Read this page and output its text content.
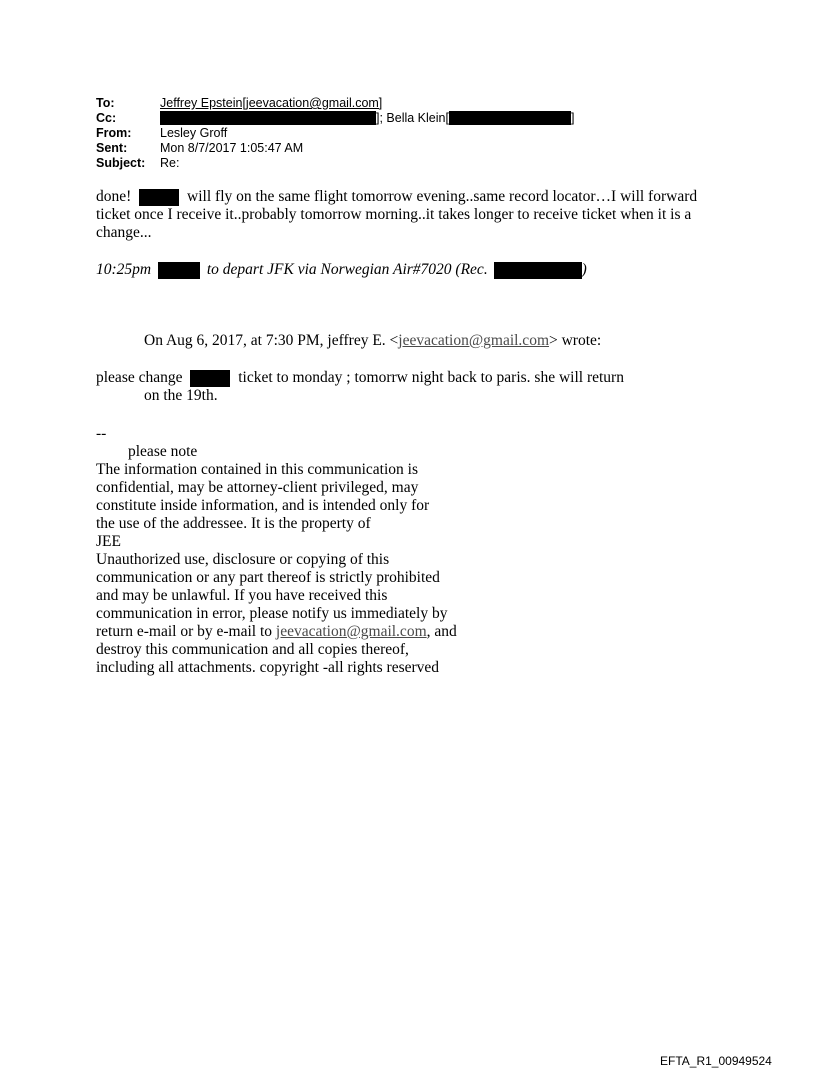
To:	Jeffrey Epstein[jeevacation@gmail.com]
Cc:	]; Bella Klein[	]
From:	Lesley Groff
Sent:	Mon 8/7/2017 1:05:47 AM
Subject:	Re:
done!	will fly on the same flight tomorrow evening..same record locator…I will forward ticket once I receive it..probably tomorrow morning..it takes longer to receive ticket when it is a change...
10:25pm	to depart JFK via Norwegian Air#7020 (Rec.	)
On Aug 6, 2017, at 7:30 PM, jeffrey E. <jeevacation@gmail.com> wrote:
please change	ticket to monday ; tomorrw night back to paris. she will return
on the 19th.
--
please note
The information contained in this communication is
confidential, may be attorney-client privileged, may
constitute inside information, and is intended only for
the use of the addressee. It is the property of
JEE
Unauthorized use, disclosure or copying of this
communication or any part thereof is strictly prohibited
and may be unlawful. If you have received this
communication in error, please notify us immediately by
return e-mail or by e-mail to jeevacation@gmail.com, and
destroy this communication and all copies thereof,
including all attachments. copyright -all rights reserved
EFTA_R1_00949524
